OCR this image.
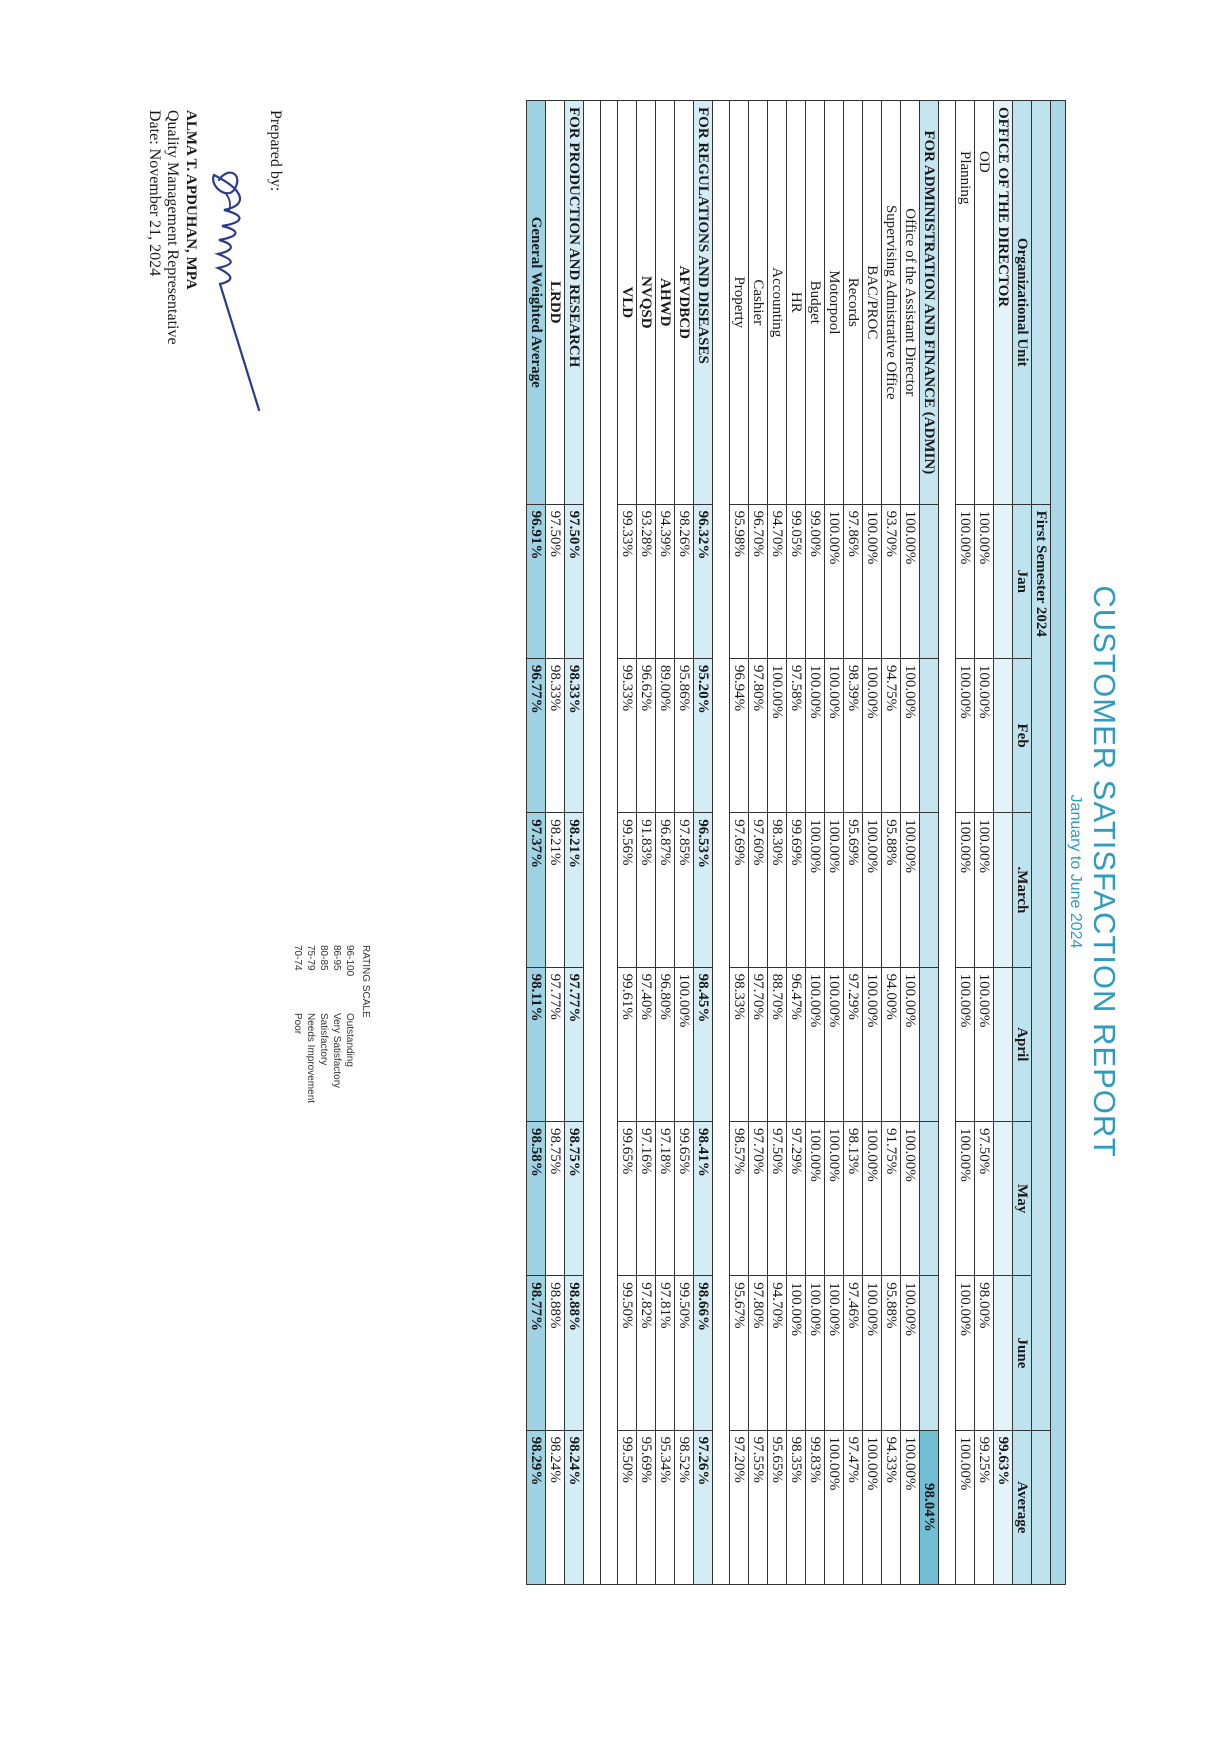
CUSTOMER SATISFACTION REPORT
January to June 2024

	First Semester 2024						
Organizational Unit	Jan	Feb	.March	April	May	June	Average
OFFICE OF THE DIRECTOR							99.63%
OD	100.00%	100.00%	100.00%	100.00%	97.50%	98.00%	99.25%
Planning	100.00%	100.00%	100.00%	100.00%	100.00%	100.00%	100.00%

FOR ADMINISTRATION AND FINANCE (ADMIN)							98.04%
Office of the Assistant Director	100.00%	100.00%	100.00%	100.00%	100.00%	100.00%	100.00%
Supervising Admistrative Office	93.70%	94.75%	95.88%	94.00%	91.75%	95.88%	94.33%
BAC/PROC	100.00%	100.00%	100.00%	100.00%	100.00%	100.00%	100.00%
Records	97.86%	98.39%	95.69%	97.29%	98.13%	97.46%	97.47%
Motorpool	100.00%	100.00%	100.00%	100.00%	100.00%	100.00%	100.00%
Budget	99.00%	100.00%	100.00%	100.00%	100.00%	100.00%	99.83%
HR	99.05%	97.58%	99.69%	96.47%	97.29%	100.00%	98.35%
Accounting	94.70%	100.00%	98.30%	88.70%	97.50%	94.70%	95.65%
Cashier	96.70%	97.80%	97.60%	97.70%	97.70%	97.80%	97.55%
Property	95.98%	96.94%	97.69%	98.33%	98.57%	95.67%	97.20%

FOR REGULATIONS AND DISEASES	96.32%	95.20%	96.53%	98.45%	98.41%	98.66%	97.26%
AFVDBCD	98.26%	95.86%	97.85%	100.00%	99.65%	99.50%	98.52%
AHWD	94.39%	89.00%	96.87%	96.80%	97.18%	97.81%	95.34%
NVQSD	93.28%	96.62%	91.83%	97.40%	97.16%	97.82%	95.69%
VLD	99.33%	99.33%	99.56%	99.61%	99.65%	99.50%	99.50%

FOR PRODUCTION AND RESEARCH	97.50%	98.33%	98.21%	97.77%	98.75%	98.88%	98.24%
LRDD	97.50%	98.33%	98.21%	97.77%	98.75%	98.88%	98.24%
General Weighted Average	96.91%	96.77%	97.37%	98.11%	98.58%	98.77%	98.29%
RATING SCALE
96-100
Outstanding
86-95
Very Satisfactory
80-85
Satisfactory
75-79
Needs Improvement
70-74
Poor
Prepared by:
ALMA T. APDUHAN, MPA
Quality Management Representative
Date: November 21, 2024
